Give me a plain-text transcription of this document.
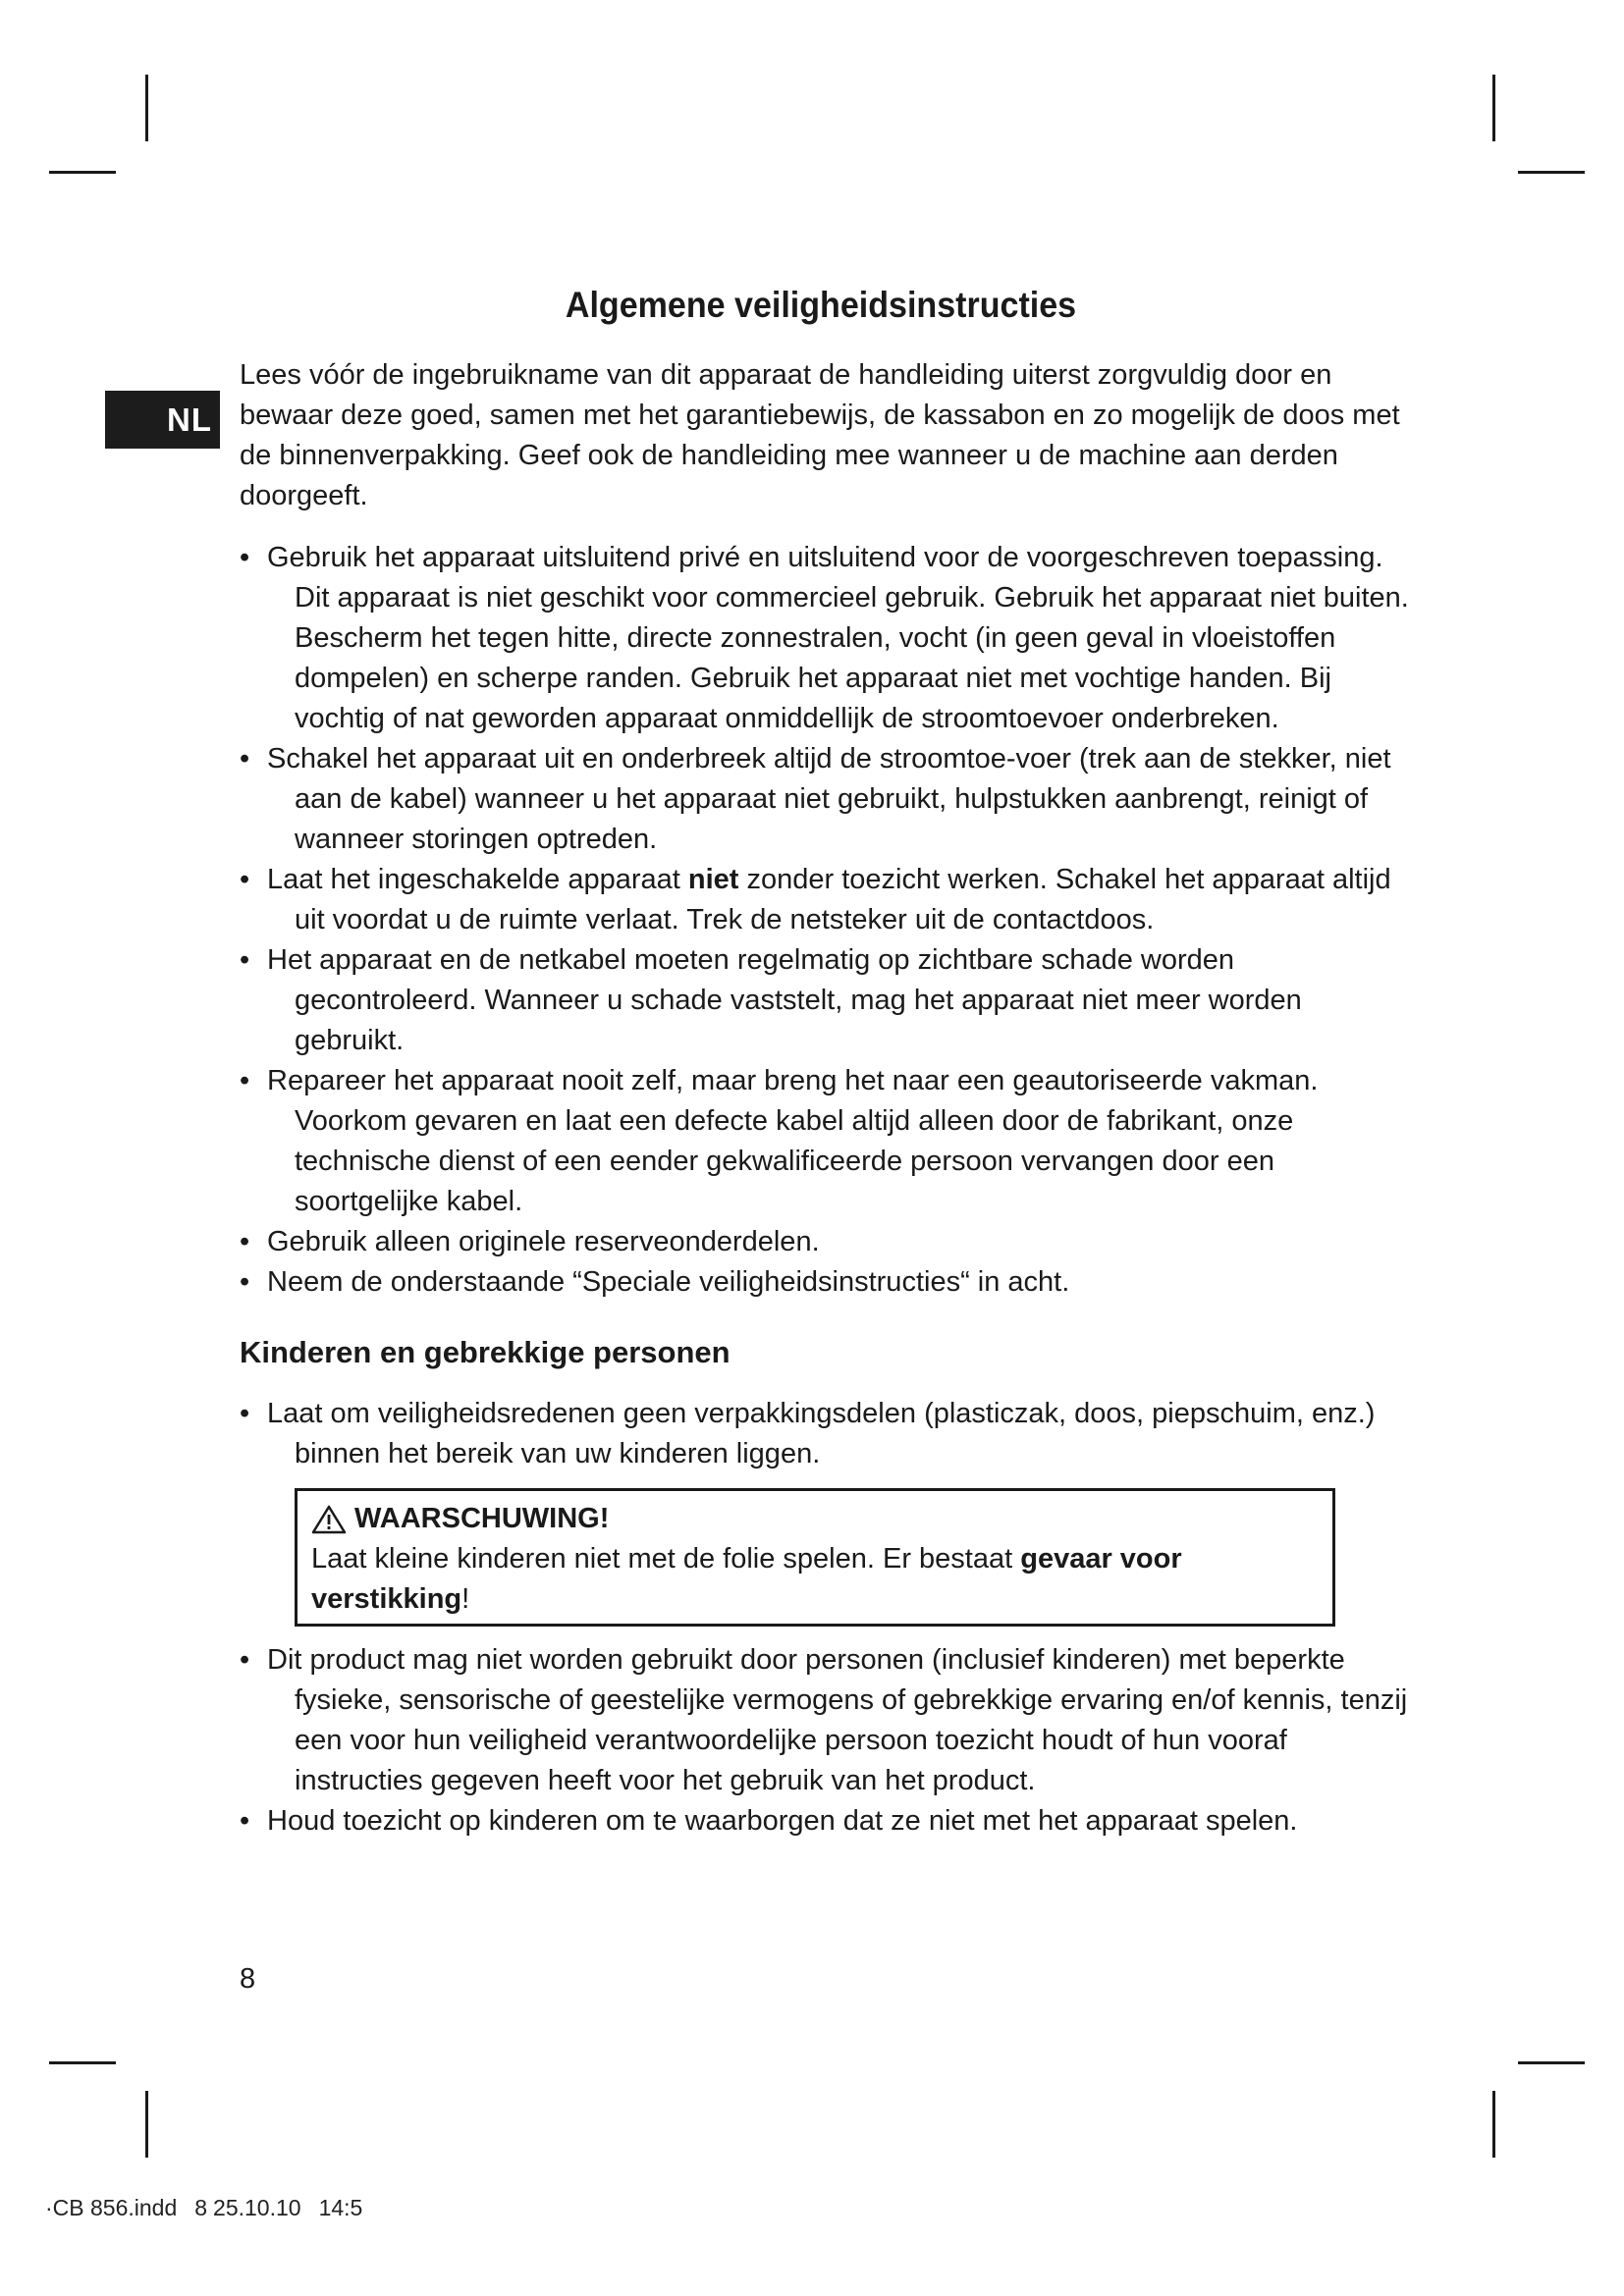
NL
Algemene veiligheidsinstructies

Lees vóór de ingebruikname van dit apparaat de handleiding uiterst zorgvuldig door en bewaar deze goed, samen met het garantiebewijs, de kassabon en zo mogelijk de doos met de binnenverpakking. Geef ook de handleiding mee wanneer u de machine aan derden doorgeeft.

• Gebruik het apparaat uitsluitend privé en uitsluitend voor de voorgeschreven toepassing. Dit apparaat is niet geschikt voor commercieel gebruik. Gebruik het apparaat niet buiten. Bescherm het tegen hitte, directe zonnestralen, vocht (in geen geval in vloeistoffen dompelen) en scherpe randen. Gebruik het apparaat niet met vochtige handen. Bij vochtig of nat geworden apparaat onmiddellijk de stroomtoevoer onderbreken.
• Schakel het apparaat uit en onderbreek altijd de stroomtoe-voer (trek aan de stekker, niet aan de kabel) wanneer u het apparaat niet gebruikt, hulpstukken aanbrengt, reinigt of wanneer storingen optreden.
• Laat het ingeschakelde apparaat niet zonder toezicht werken. Schakel het apparaat altijd uit voordat u de ruimte verlaat. Trek de netsteker uit de contactdoos.
• Het apparaat en de netkabel moeten regelmatig op zichtbare schade worden gecontroleerd. Wanneer u schade vaststelt, mag het apparaat niet meer worden gebruikt.
• Repareer het apparaat nooit zelf, maar breng het naar een geautoriseerde vakman. Voorkom gevaren en laat een defecte kabel altijd alleen door de fabrikant, onze technische dienst of een eender gekwalificeerde persoon vervangen door een soortgelijke kabel.
• Gebruik alleen originele reserveonderdelen.
• Neem de onderstaande “Speciale veiligheidsinstructies“ in acht.
Kinderen en gebrekkige personen
• Laat om veiligheidsredenen geen verpakkingsdelen (plasticzak, doos, piepschuim, enz.) binnen het bereik van uw kinderen liggen.
WAARSCHUWING!
Laat kleine kinderen niet met de folie spelen. Er bestaat gevaar voor verstikking!
• Dit product mag niet worden gebruikt door personen (inclusief kinderen) met beperkte fysieke, sensorische of geestelijke vermogens of gebrekkige ervaring en/of kennis, tenzij een voor hun veiligheid verantwoordelijke persoon toezicht houdt of hun vooraf instructies gegeven heeft voor het gebruik van het product.
• Houd toezicht op kinderen om te waarborgen dat ze niet met het apparaat spelen.
8
·CB 856.indd 8 25.10.10 14:5
